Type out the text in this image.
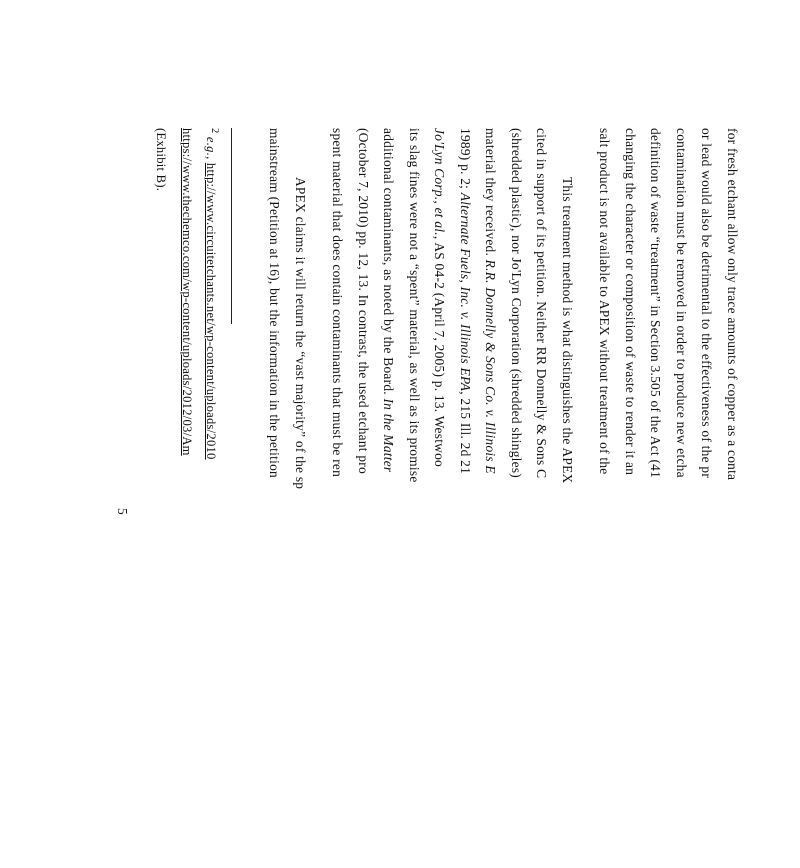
for fresh etchant allow only trace amounts of copper as a conta
or lead would also be detrimental to the effectiveness of the pr
contamination must be removed in order to produce new etcha
definition of waste “treatment” in Section 3.505 of the Act (41
changing the character or composition of waste to render it an
salt product is not available to APEX without treatment of the
This treatment method is what distinguishes the APEX
cited in support of its petition. Neither RR Donnelly & Sons C
(shredded plastic), nor Jo'Lyn Corporation (shredded shingles)
material they received. R.R. Donnelly & Sons Co. v. Illinois E
1989) p. 2; Alternate Fuels, Inc. v. Illinois EPA, 215 Ill. 2d 21
Jo'Lyn Corp., et al., AS 04-2 (April 7, 2005) p. 13. Westwoo
its slag fines were not a “spent” material, as well as its promise
additional contaminants, as noted by the Board. In the Matter
(October 7, 2010) pp. 12, 13. In contrast, the used etchant pro
spent material that does contain contaminants that must be ren
APEX claims it will return the “vast majority” of the sp
mainstream (Petition at 16), but the information in the petition
$^2$ e.g., http://www.circuitetchants.net/wp-content/uploads/2010
https://www.thechemco.com/wp-content/uploads/2012/03/Am
(Exhibit B).
5
